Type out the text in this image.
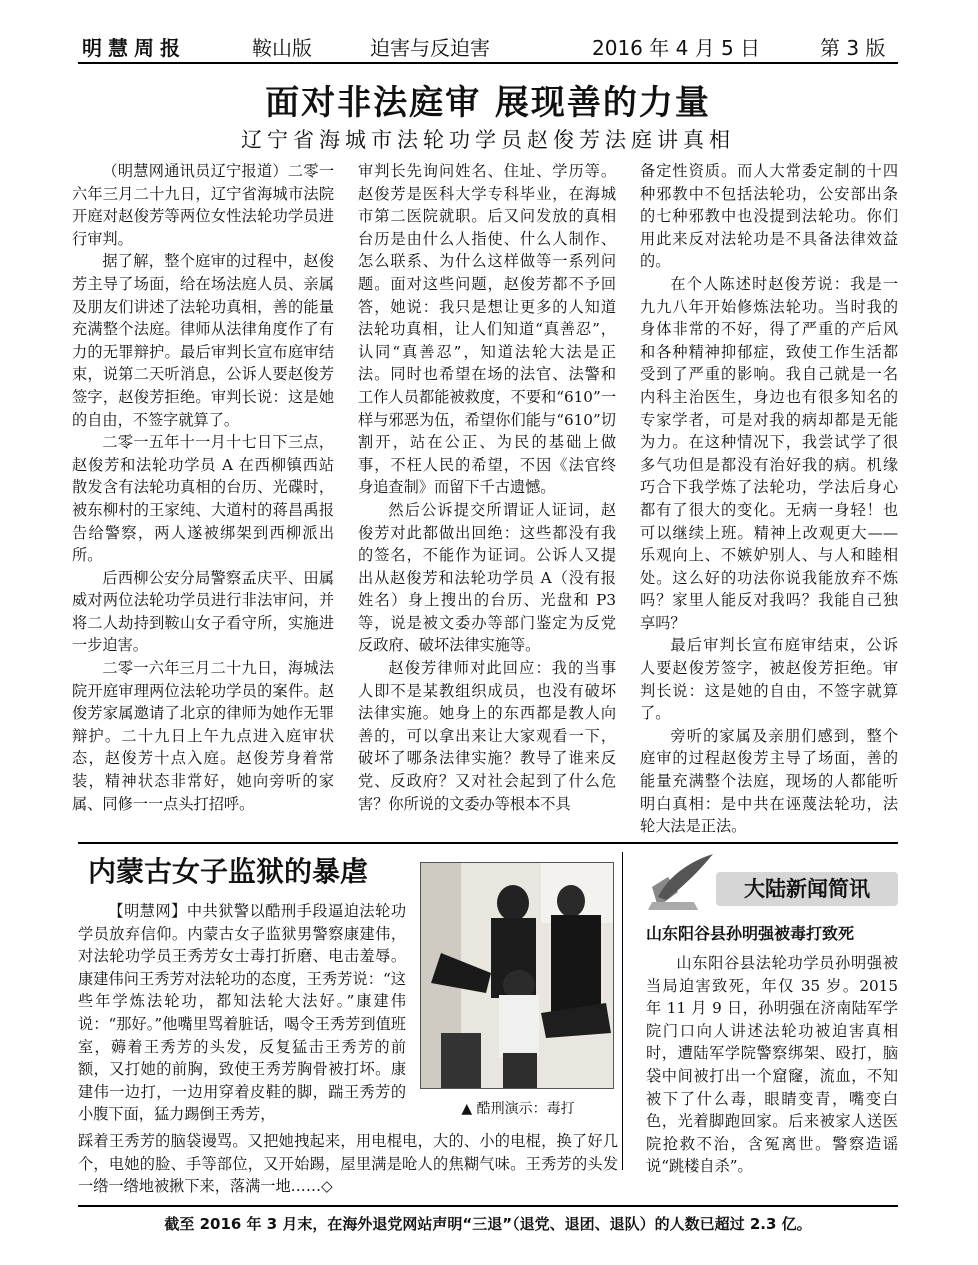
明慧周报	鞍山版	迫害与反迫害	2016 年 4 月 5 日	第 3 版
面对非法庭审 展现善的力量
辽宁省海城市法轮功学员赵俊芳法庭讲真相

（明慧网通讯员辽宁报道）二零一六年三月二十九日，辽宁省海城市法院开庭对赵俊芳等两位女性法轮功学员进行审判。

据了解，整个庭审的过程中，赵俊芳主导了场面，给在场法庭人员、亲属及朋友们讲述了法轮功真相，善的能量充满整个法庭。律师从法律角度作了有力的无罪辩护。最后审判长宣布庭审结束，说第二天听消息，公诉人要赵俊芳签字，赵俊芳拒绝。审判长说：这是她的自由，不签字就算了。

二零一五年十一月十七日下三点，赵俊芳和法轮功学员 A 在西柳镇西站散发含有法轮功真相的台历、光碟时，被东柳村的王家纯、大道村的蒋昌禹报告给警察，两人遂被绑架到西柳派出所。

后西柳公安分局警察孟庆平、田属威对两位法轮功学员进行非法审问，并将二人劫持到鞍山女子看守所，实施进一步迫害。

二零一六年三月二十九日，海城法院开庭审理两位法轮功学员的案件。赵俊芳家属邀请了北京的律师为她作无罪辩护。二十九日上午九点进入庭审状态，赵俊芳十点入庭。赵俊芳身着常装，精神状态非常好，她向旁听的家属、同修一一点头打招呼。

审判长先询问姓名、住址、学历等。赵俊芳是医科大学专科毕业，在海城市第二医院就职。后又问发放的真相台历是由什么人指使、什么人制作、怎么联系、为什么这样做等一系列问题。面对这些问题，赵俊芳都不予回答，她说：我只是想让更多的人知道法轮功真相，让人们知道“真善忍”，认同“真善忍”，知道法轮大法是正法。同时也希望在场的法官、法警和工作人员都能被救度，不要和“610”一样与邪恶为伍，希望你们能与“610”切割开，站在公正、为民的基础上做事，不枉人民的希望，不因《法官终身追查制》而留下千古遗憾。

然后公诉提交所谓证人证词，赵俊芳对此都做出回绝：这些都没有我的签名，不能作为证词。公诉人又提出从赵俊芳和法轮功学员 A（没有报姓名）身上搜出的台历、光盘和 P3 等，说是被文委办等部门鉴定为反党反政府、破坏法律实施等。

赵俊芳律师对此回应：我的当事人即不是某教组织成员，也没有破坏法律实施。她身上的东西都是教人向善的，可以拿出来让大家观看一下，破坏了哪条法律实施？教导了谁来反党、反政府？又对社会起到了什么危害？你所说的文委办等根本不具

备定性资质。而人大常委定制的十四种邪教中不包括法轮功，公安部出条的七种邪教中也没提到法轮功。你们用此来反对法轮功是不具备法律效益的。

在个人陈述时赵俊芳说：我是一九九八年开始修炼法轮功。当时我的身体非常的不好，得了严重的产后风和各种精神抑郁症，致使工作生活都受到了严重的影响。我自己就是一名内科主治医生，身边也有很多知名的专家学者，可是对我的病却都是无能为力。在这种情况下，我尝试学了很多气功但是都没有治好我的病。机缘巧合下我学炼了法轮功，学法后身心都有了很大的变化。无病一身轻！也可以继续上班。精神上改观更大——乐观向上、不嫉妒别人、与人和睦相处。这么好的功法你说我能放弃不炼吗？家里人能反对我吗？我能自己独享吗？

最后审判长宣布庭审结束，公诉人要赵俊芳签字，被赵俊芳拒绝。审判长说：这是她的自由，不签字就算了。

旁听的家属及亲朋们感到，整个庭审的过程赵俊芳主导了场面，善的能量充满整个法庭，现场的人都能听明白真相：是中共在诬蔑法轮功，法轮大法是正法。

内蒙古女子监狱的暴虐

【明慧网】中共狱警以酷刑手段逼迫法轮功学员放弃信仰。内蒙古女子监狱男警察康建伟，对法轮功学员王秀芳女士毒打折磨、电击羞辱。康建伟问王秀芳对法轮功的态度，王秀芳说：“这些年学炼法轮功，都知法轮大法好。”康建伟说：“那好。”他嘴里骂着脏话，喝令王秀芳到值班室，薅着王秀芳的头发，反复猛击王秀芳的前额，又打她的前胸，致使王秀芳胸骨被打坏。康建伟一边打，一边用穿着皮鞋的脚，踹王秀芳的小腹下面，猛力踢倒王秀芳，	▲ 酷刑演示：毒打

踩着王秀芳的脑袋谩骂。又把她拽起来，用电棍电，大的、小的电棍，换了好几个，电她的脸、手等部位，又开始踢，屋里满是呛人的焦糊气味。王秀芳的头发一绺一绺地被揪下来，落满一地……◇

大陆新闻简讯
山东阳谷县孙明强被毒打致死

山东阳谷县法轮功学员孙明强被当局迫害致死，年仅 35 岁。2015 年 11 月 9 日，孙明强在济南陆军学院门口向人讲述法轮功被迫害真相时，遭陆军学院警察绑架、殴打，脑袋中间被打出一个窟窿，流血，不知被下了什么毒，眼睛变青，嘴变白色，光着脚跑回家。后来被家人送医院抢救不治，含冤离世。警察造谣说“跳楼自杀”。

截至 2016 年 3 月末，在海外退党网站声明“三退”（退党、退团、退队）的人数已超过 2.3 亿。
